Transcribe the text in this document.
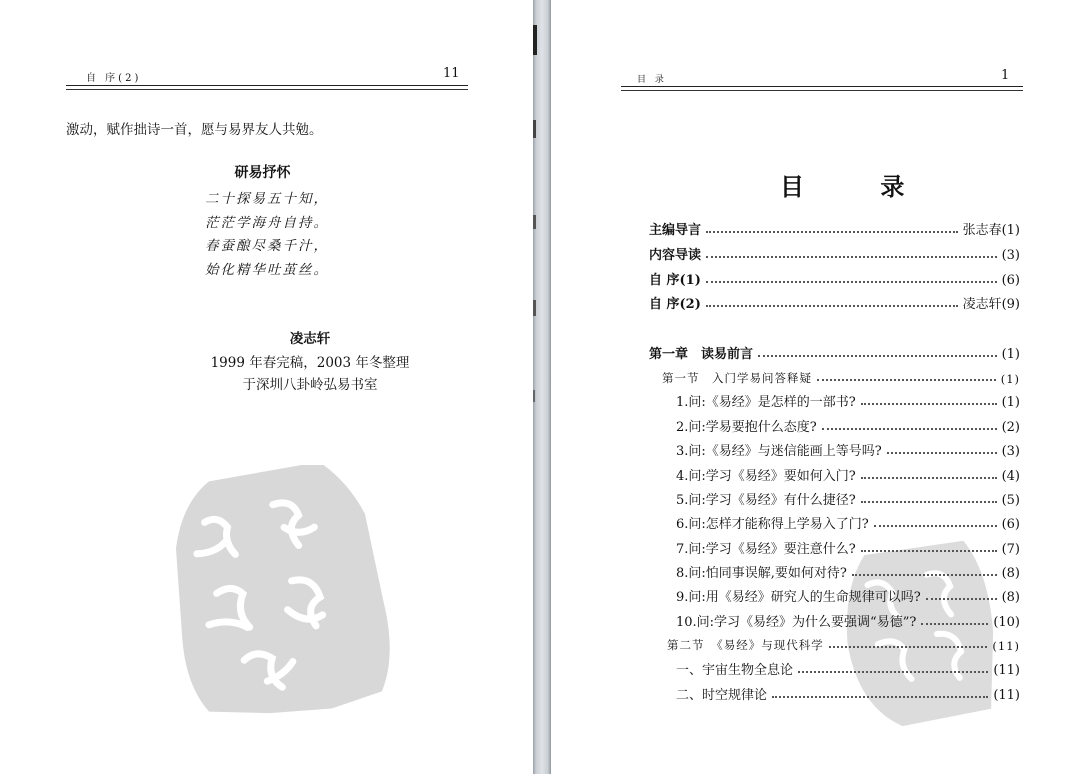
自 序(2)	11
激动，赋作拙诗一首，愿与易界友人共勉。
研易抒怀
二十探易五十知，
茫茫学海舟自持。
春蚕酿尽桑千汁，
始化精华吐茧丝。
凌志轩
1999 年春完稿，2003 年冬整理
于深圳八卦岭弘易书室
目 录	1
目 录
主编导言	张志春(1)
内容导读	(3)
自 序(1)	(6)
自 序(2)	凌志轩(9)
第一章　读易前言	(1)
第一节　入门学易问答释疑	(1)
1.问:《易经》是怎样的一部书?	(1)
2.问:学易要抱什么态度?	(2)
3.问:《易经》与迷信能画上等号吗?	(3)
4.问:学习《易经》要如何入门?	(4)
5.问:学习《易经》有什么捷径?	(5)
6.问:怎样才能称得上学易入了门?	(6)
7.问:学习《易经》要注意什么?	(7)
8.问:怕同事误解,要如何对待?	(8)
9.问:用《易经》研究人的生命规律可以吗?	(8)
10.问:学习《易经》为什么要强调“易德”?	(10)
第二节　《易经》与现代科学	(11)
一、宇宙生物全息论	(11)
二、时空规律论	(11)
